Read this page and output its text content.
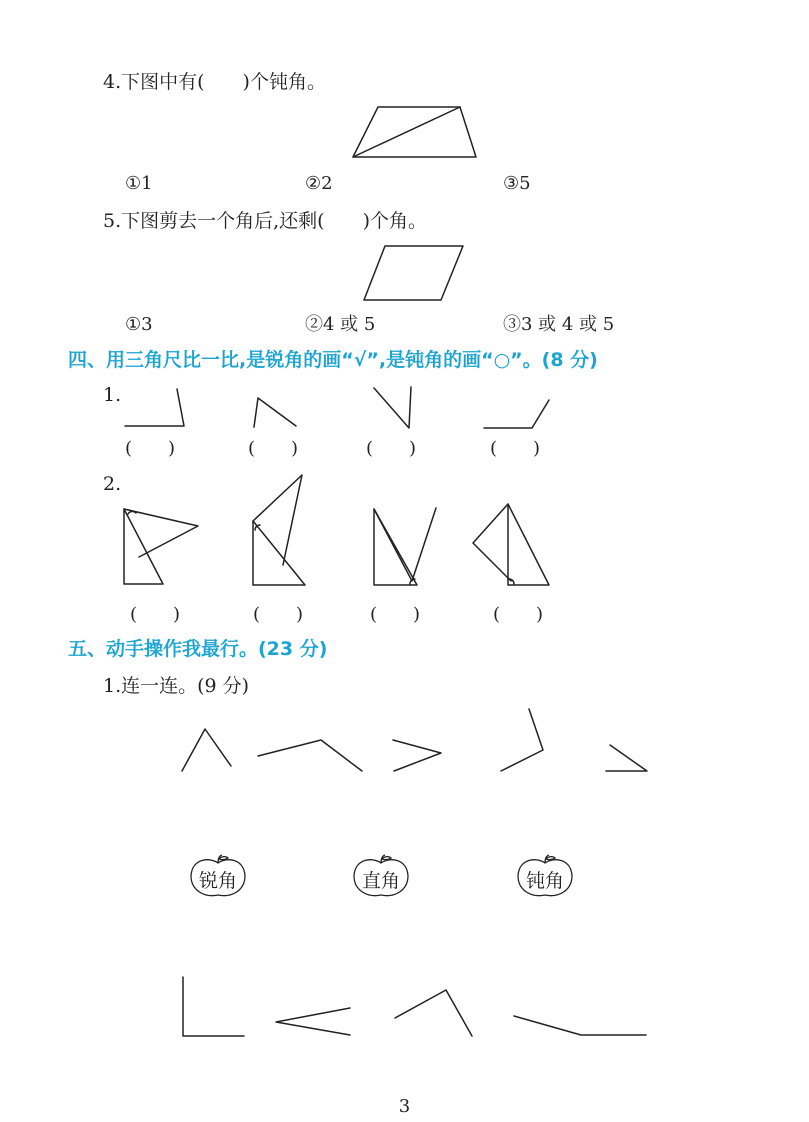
4.下图中有(　　)个钝角。
①1	②2	③5
5.下图剪去一个角后,还剩(　　)个角。
①3	②4 或 5	③3 或 4 或 5
四、用三角尺比一比,是锐角的画“√”,是钝角的画“○”。(8 分)
1.
(　　)	(　　)	(　　)	(　　)
2.
(　　)	(　　)	(　　)	(　　)
五、动手操作我最行。(23 分)
1.连一连。(9 分)
锐角	直角	钝角
3
